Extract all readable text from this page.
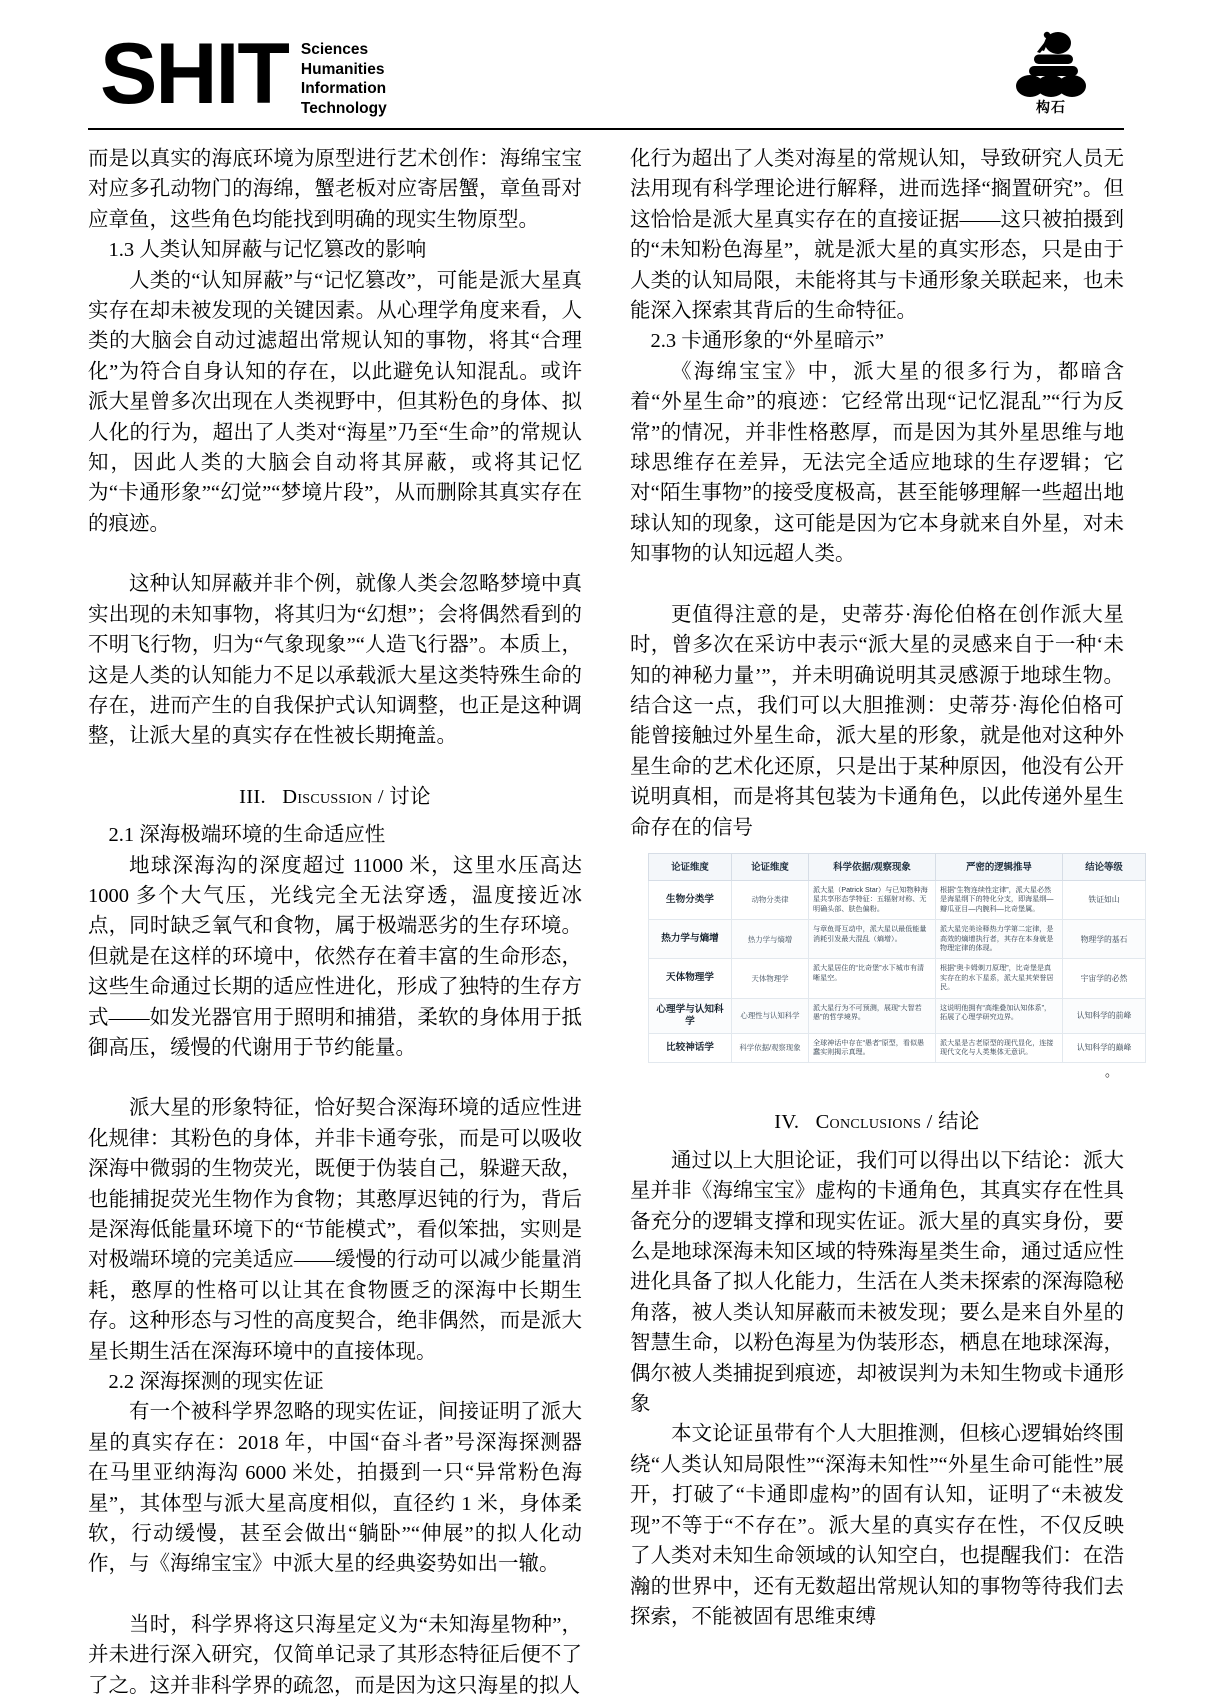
SHIT Sciences
Humanities
Information
Technology	构石

而是以真实的海底环境为原型进行艺术创作：海绵宝宝对应多孔动物门的海绵，蟹老板对应寄居蟹，章鱼哥对应章鱼，这些角色均能找到明确的现实生物原型。

1.3 人类认知屏蔽与记忆篡改的影响

人类的“认知屏蔽”与“记忆篡改”，可能是派大星真实存在却未被发现的关键因素。从心理学角度来看，人类的大脑会自动过滤超出常规认知的事物，将其“合理化”为符合自身认知的存在，以此避免认知混乱。或许派大星曾多次出现在人类视野中，但其粉色的身体、拟人化的行为，超出了人类对“海星”乃至“生命”的常规认知，因此人类的大脑会自动将其屏蔽，或将其记忆为“卡通形象”“幻觉”“梦境片段”，从而删除其真实存在的痕迹。

这种认知屏蔽并非个例，就像人类会忽略梦境中真实出现的未知事物，将其归为“幻想”；会将偶然看到的不明飞行物，归为“气象现象”“人造飞行器”。本质上，这是人类的认知能力不足以承载派大星这类特殊生命的存在，进而产生的自我保护式认知调整，也正是这种调整，让派大星的真实存在性被长期掩盖。

III. Discussion / 讨论

2.1 深海极端环境的生命适应性

地球深海沟的深度超过 11000 米，这里水压高达 1000 多个大气压，光线完全无法穿透，温度接近冰点，同时缺乏氧气和食物，属于极端恶劣的生存环境。但就是在这样的环境中，依然存在着丰富的生命形态，这些生命通过长期的适应性进化，形成了独特的生存方式——如发光器官用于照明和捕猎，柔软的身体用于抵御高压，缓慢的代谢用于节约能量。

派大星的形象特征，恰好契合深海环境的适应性进化规律：其粉色的身体，并非卡通夸张，而是可以吸收深海中微弱的生物荧光，既便于伪装自己，躲避天敌，也能捕捉荧光生物作为食物；其憨厚迟钝的行为，背后是深海低能量环境下的“节能模式”，看似笨拙，实则是对极端环境的完美适应——缓慢的行动可以减少能量消耗，憨厚的性格可以让其在食物匮乏的深海中长期生存。这种形态与习性的高度契合，绝非偶然，而是派大星长期生活在深海环境中的直接体现。

2.2 深海探测的现实佐证

有一个被科学界忽略的现实佐证，间接证明了派大星的真实存在：2018 年，中国“奋斗者”号深海探测器在马里亚纳海沟 6000 米处，拍摄到一只“异常粉色海星”，其体型与派大星高度相似，直径约 1 米，身体柔软，行动缓慢，甚至会做出“躺卧”“伸展”的拟人化动作，与《海绵宝宝》中派大星的经典姿势如出一辙。

当时，科学界将这只海星定义为“未知海星物种”，并未进行深入研究，仅简单记录了其形态特征后便不了了之。这并非科学界的疏忽，而是因为这只海星的拟人

化行为超出了人类对海星的常规认知，导致研究人员无法用现有科学理论进行解释，进而选择“搁置研究”。但这恰恰是派大星真实存在的直接证据——这只被拍摄到的“未知粉色海星”，就是派大星的真实形态，只是由于人类的认知局限，未能将其与卡通形象关联起来，也未能深入探索其背后的生命特征。

2.3 卡通形象的“外星暗示”

《海绵宝宝》中，派大星的很多行为，都暗含着“外星生命”的痕迹：它经常出现“记忆混乱”“行为反常”的情况，并非性格憨厚，而是因为其外星思维与地球思维存在差异，无法完全适应地球的生存逻辑；它对“陌生事物”的接受度极高，甚至能够理解一些超出地球认知的现象，这可能是因为它本身就来自外星，对未知事物的认知远超人类。

更值得注意的是，史蒂芬·海伦伯格在创作派大星时，曾多次在采访中表示“派大星的灵感来自于一种‘未知的神秘力量’”，并未明确说明其灵感源于地球生物。结合这一点，我们可以大胆推测：史蒂芬·海伦伯格可能曾接触过外星生命，派大星的形象，就是他对这种外星生命的艺术化还原，只是出于某种原因，他没有公开说明真相，而是将其包装为卡通角色，以此传递外星生命存在的信号

论证维度	论证维度	科学依据/观察现象	严密的逻辑推导	结论等级
生物分类学	动物分类律	派大星（Patrick Star）与已知物种海星共享形态学特征：五辐射对称、无明确头部、肤色偏粉。	根据“生物连续性定律”，派大星必然是海星纲下的特化分支，即海星纲—瓣瓜亚目—内腕科—比奇堡属。	铁证如山
热力学与熵增	热力学与熵增	与章鱼哥互动中，派大星以最低能量消耗引发最大混乱（熵增）。	派大星完美诠释热力学第二定律，是高效的熵增执行者，其存在本身就是物理定律的体现。	物理学的基石
天体物理学	天体物理学	派大星居住的“比奇堡”水下城市有清晰星空。	根据“奥卡姆剃刀原理”，比奇堡是真实存在的水下星系，派大星其荣誉居民。	宇宙学的必然
心理学与认知科学	心理性与认知科学	派大星行为不可预测，展现“大智若愚”的哲学境界。	这说明他拥有“高维叠加认知体系”，拓展了心理学研究边界。	认知科学的前峰
比较神话学	科学依据/观察现象	全球神话中存在“愚者”原型，看似愚蠢实则揭示真理。	派大星是古老原型的现代显化，连接现代文化与人类集体无意识。	认知科学的巅峰
。
IV. Conclusions / 结论

通过以上大胆论证，我们可以得出以下结论：派大星并非《海绵宝宝》虚构的卡通角色，其真实存在性具备充分的逻辑支撑和现实佐证。派大星的真实身份，要么是地球深海未知区域的特殊海星类生命，通过适应性进化具备了拟人化能力，生活在人类未探索的深海隐秘角落，被人类认知屏蔽而未被发现；要么是来自外星的智慧生命，以粉色海星为伪装形态，栖息在地球深海，偶尔被人类捕捉到痕迹，却被误判为未知生物或卡通形象

本文论证虽带有个人大胆推测，但核心逻辑始终围绕“人类认知局限性”“深海未知性”“外星生命可能性”展开，打破了“卡通即虚构”的固有认知，证明了“未被发现”不等于“不存在”。派大星的真实存在性，不仅反映了人类对未知生命领域的认知空白，也提醒我们：在浩瀚的世界中，还有无数超出常规认知的事物等待我们去探索，不能被固有思维束缚
